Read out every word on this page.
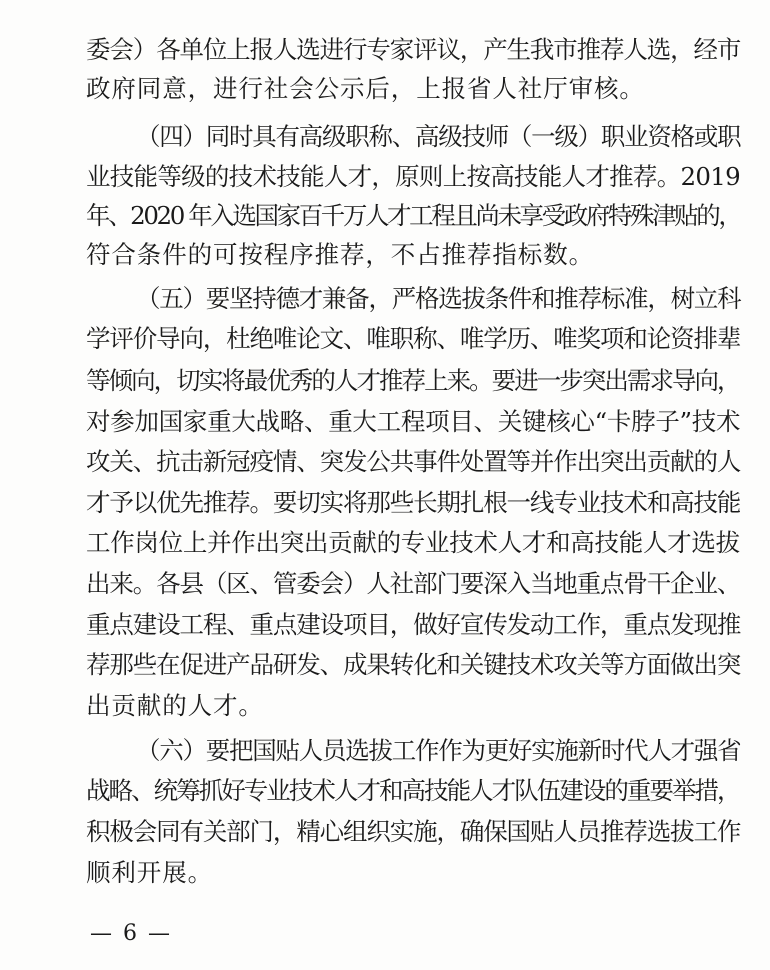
委会）各单位上报人选进行专家评议，产生我市推荐人选，经市
政府同意，进行社会公示后，上报省人社厅审核。
（四）同时具有高级职称、高级技师（一级）职业资格或职
业技能等级的技术技能人才，原则上按高技能人才推荐。2019
年、2020 年入选国家百千万人才工程且尚未享受政府特殊津贴的，
符合条件的可按程序推荐，不占推荐指标数。
（五）要坚持德才兼备，严格选拔条件和推荐标准，树立科
学评价导向，杜绝唯论文、唯职称、唯学历、唯奖项和论资排辈
等倾向，切实将最优秀的人才推荐上来。要进一步突出需求导向，
对参加国家重大战略、重大工程项目、关键核心“卡脖子”技术
攻关、抗击新冠疫情、突发公共事件处置等并作出突出贡献的人
才予以优先推荐。要切实将那些长期扎根一线专业技术和高技能
工作岗位上并作出突出贡献的专业技术人才和高技能人才选拔
出来。各县（区、管委会）人社部门要深入当地重点骨干企业、
重点建设工程、重点建设项目，做好宣传发动工作，重点发现推
荐那些在促进产品研发、成果转化和关键技术攻关等方面做出突
出贡献的人才。
（六）要把国贴人员选拔工作作为更好实施新时代人才强省
战略、统筹抓好专业技术人才和高技能人才队伍建设的重要举措，
积极会同有关部门，精心组织实施，确保国贴人员推荐选拔工作
顺利开展。
— 6 —
